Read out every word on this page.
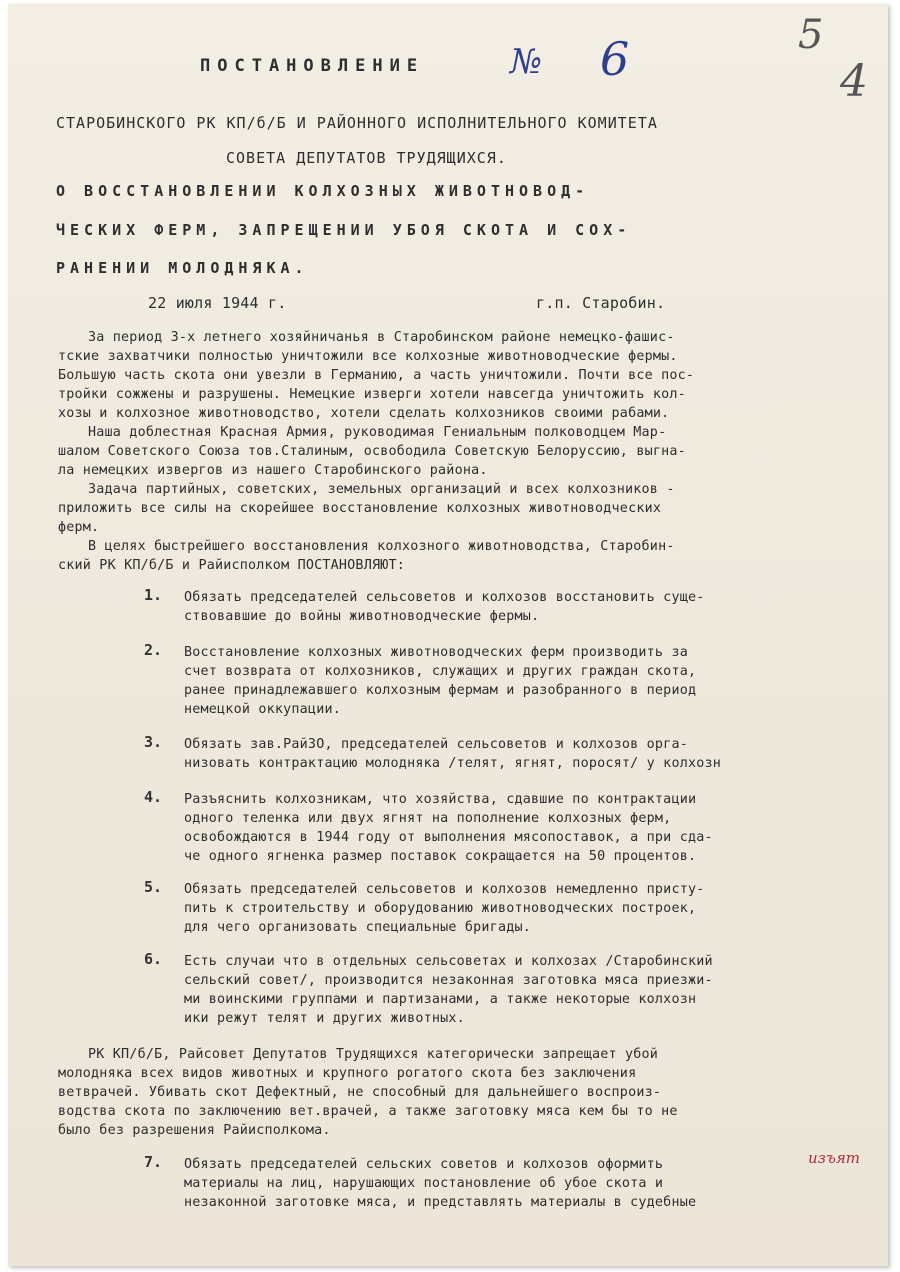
5
4
ПОСТАНОВЛЕНИЕ	№ 6
СТАРОБИНСКОГО РК КП/б/Б И РАЙОННОГО ИСПОЛНИТЕЛЬНОГО КОМИТЕТА
СОВЕТА ДЕПУТАТОВ ТРУДЯЩИХСЯ.
О ВОССТАНОВЛЕНИИ КОЛХОЗНЫХ ЖИВОТНОВОД-
ЧЕСКИХ ФЕРМ, ЗАПРЕЩЕНИИ УБОЯ СКОТА И СОХ-
РАНЕНИИ МОЛОДНЯКА.
22 июля 1944 г.	г.п. Старобин.
За период 3-х летнего хозяйничанья в Старобинском районе немецко-фашис-
тские захватчики полностью уничтожили все колхозные животноводческие фермы.
Большую часть скота они увезли в Германию, а часть уничтожили. Почти все пос-
тройки сожжены и разрушены. Немецкие изверги хотели навсегда уничтожить кол-
хозы и колхозное животноводство, хотели сделать колхозников своими рабами.
Наша доблестная Красная Армия, руководимая Гениальным полководцем Мар-
шалом Советского Союза тов.Сталиным, освободила Советскую Белоруссию, выгна-
ла немецких извергов из нашего Старобинского района.
Задача партийных, советских, земельных организаций и всех колхозников -
приложить все силы на скорейшее восстановление колхозных животноводческих
ферм.
В целях быстрейшего восстановления колхозного животноводства, Старобин-
ский РК КП/б/Б и Райисполком ПОСТАНОВЛЯЮТ:
1. Обязать председателей сельсоветов и колхозов восстановить суще-
ствовавшие до войны животноводческие фермы.
2. Восстановление колхозных животноводческих ферм производить за
счет возврата от колхозников, служащих и других граждан скота,
ранее принадлежавшего колхозным фермам и разобранного в период
немецкой оккупации.
3. Обязать зав.РайЗО, председателей сельсоветов и колхозов орга-
низовать контрактацию молодняка /телят, ягнят, поросят/ у колхозн
4. Разъяснить колхозникам, что хозяйства, сдавшие по контрактации
одного теленка или двух ягнят на пополнение колхозных ферм,
освобождаются в 1944 году от выполнения мясопоставок, а при сда-
че одного ягненка размер поставок сокращается на 50 процентов.
5. Обязать председателей сельсоветов и колхозов немедленно присту-
пить к строительству и оборудованию животноводческих построек,
для чего организовать специальные бригады.
6. Есть случаи что в отдельных сельсоветах и колхозах /Старобинский
сельский совет/, производится незаконная заготовка мяса приезжи-
ми воинскими группами и партизанами, а также некоторые колхозн
ики режут телят и других животных.
РК КП/б/Б, Райсовет Депутатов Трудящихся категорически запрещает убой
молодняка всех видов животных и крупного рогатого скота без заключения
ветврачей. Убивать скот Дефектный, не способный для дальнейшего воспроиз-
водства скота по заключению вет.врачей, а также заготовку мяса кем бы то не
было без разрешения Райисполкома.
7. Обязать председателей сельских советов и колхозов оформить
материалы на лиц, нарушающих постановление об убое скота и
незаконной заготовке мяса, и представлять материалы в судебные
изъят
